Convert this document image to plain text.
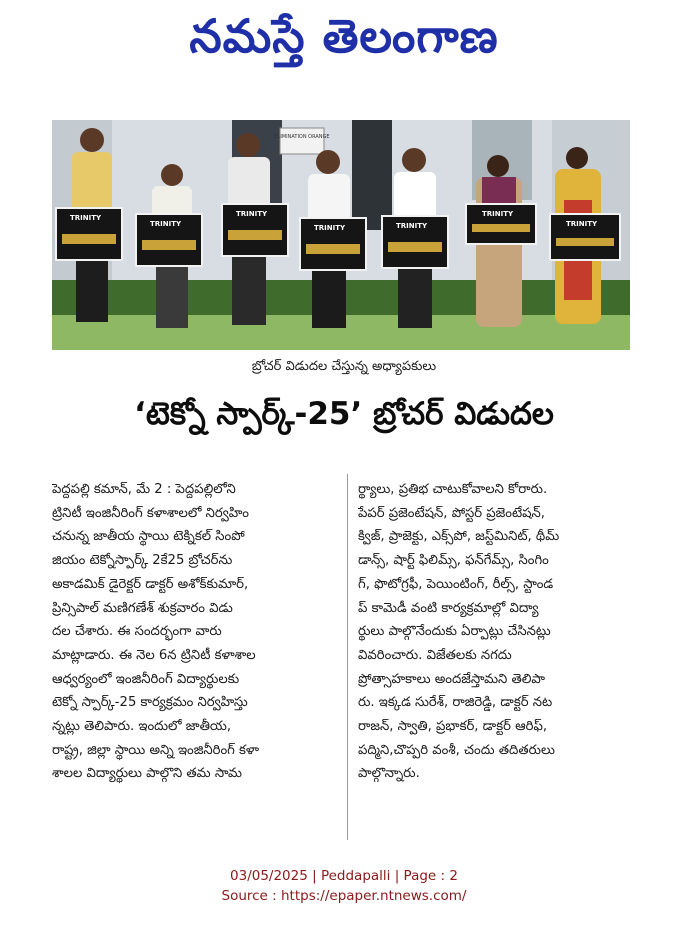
నమస్తే తెలంగాణ
ELIMINATION ORANGE
TRINITY
TRINITY
TRINITY
TRINITY	TRINITY
TRINITY
TRINITY
బ్రోచర్ విడుదల చేస్తున్న అధ్యాపకులు
‘టెక్నో స్పార్క్‌-25’ బ్రోచర్‌ విడుదల
పెద్దపల్లి కమాన్‌, మే 2 : పెద్దపల్లిలోని
ట్రినిటీ ఇంజినీరింగ్‌ కళాశాలలో నిర్వహిం
చనున్న జాతీయ స్థాయి టెక్నికల్‌ సింపో
జియం టెక్నోస్పార్క్‌ 2కే25 బ్రోచర్‌ను
అకాడమిక్‌ డైరెక్టర్‌ డాక్టర్‌ అశోక్‌కుమార్‌,
ప్రిన్సిపాల్‌ మణిగణేశ్‌ శుక్రవారం విడు
దల చేశారు. ఈ సందర్భంగా వారు
మాట్లాడారు. ఈ నెల 6న ట్రినిటీ కళాశాల
ఆధ్వర్యంలో ఇంజినీరింగ్‌ విద్యార్థులకు
టెక్నో స్పార్క్‌-25 కార్యక్రమం నిర్వహిస్తు
న్నట్లు తెలిపారు. ఇందులో జాతీయ,
రాష్ట్ర, జిల్లా స్థాయి అన్ని ఇంజినీరింగ్‌ కళా
శాలల విద్యార్థులు పాల్గొని తమ సామ
ర్థ్యాలు, ప్రతిభ చాటుకోవాలని కోరారు.
పేపర్‌ ప్రజెంటేషన్‌, పోస్టర్‌ ప్రజెంటేషన్‌,
క్విజ్‌, ప్రాజెక్టు, ఎక్స్‌పో, జస్ట్‌మినిట్‌, థీమ్‌
డాన్స్‌, షార్ట్‌ ఫిలిమ్స్‌, ఫన్‌గేమ్స్‌, సింగిం
గ్‌, ఫొటోగ్రఫీ, పెయింటింగ్‌, రీల్స్‌, స్టాండ
ప్‌ కామెడీ వంటి కార్యక్రమాల్లో విద్యా
ర్థులు పాల్గొనేందుకు ఏర్పాట్లు చేసినట్లు
వివరించారు. విజేతలకు నగదు
ప్రోత్సాహకాలు అందజేస్తామని తెలిపా
రు. ఇక్కడ సురేశ్‌, రాజిరెడ్డి, డాక్టర్‌ నట
రాజన్‌, స్వాతి, ప్రభాకర్‌, డాక్టర్‌ ఆరిఫ్‌,
పద్మిని,చొప్పరి వంశీ, చందు తదితరులు
పాల్గొన్నారు.
03/05/2025 | Peddapalli | Page : 2
Source : https://epaper.ntnews.com/
